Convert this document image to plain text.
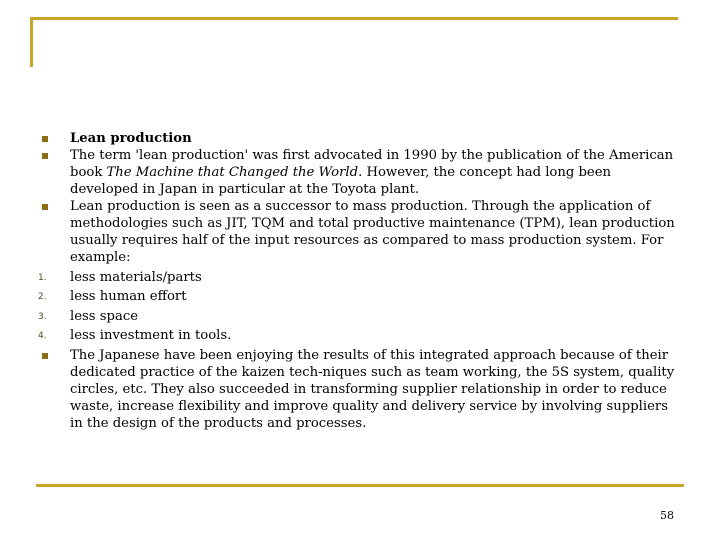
Lean production
The term 'lean production' was first advocated in 1990 by the publication of the American book The Machine that Changed the World. However, the concept had long been developed in Japan in particular at the Toyota plant.
Lean production is seen as a successor to mass production. Through the application of methodologies such as JIT, TQM and total productive maintenance (TPM), lean production usually requires half of the input resources as compared to mass production system. For example:
1. less materials/parts
2. less human effort
3. less space
4. less investment in tools.
The Japanese have been enjoying the results of this integrated approach because of their dedicated practice of the kaizen tech-niques such as team working, the 5S system, quality circles, etc. They also succeeded in transforming supplier relationship in order to reduce waste, increase flexibility and improve quality and delivery service by involving suppliers in the design of the products and processes.
58
